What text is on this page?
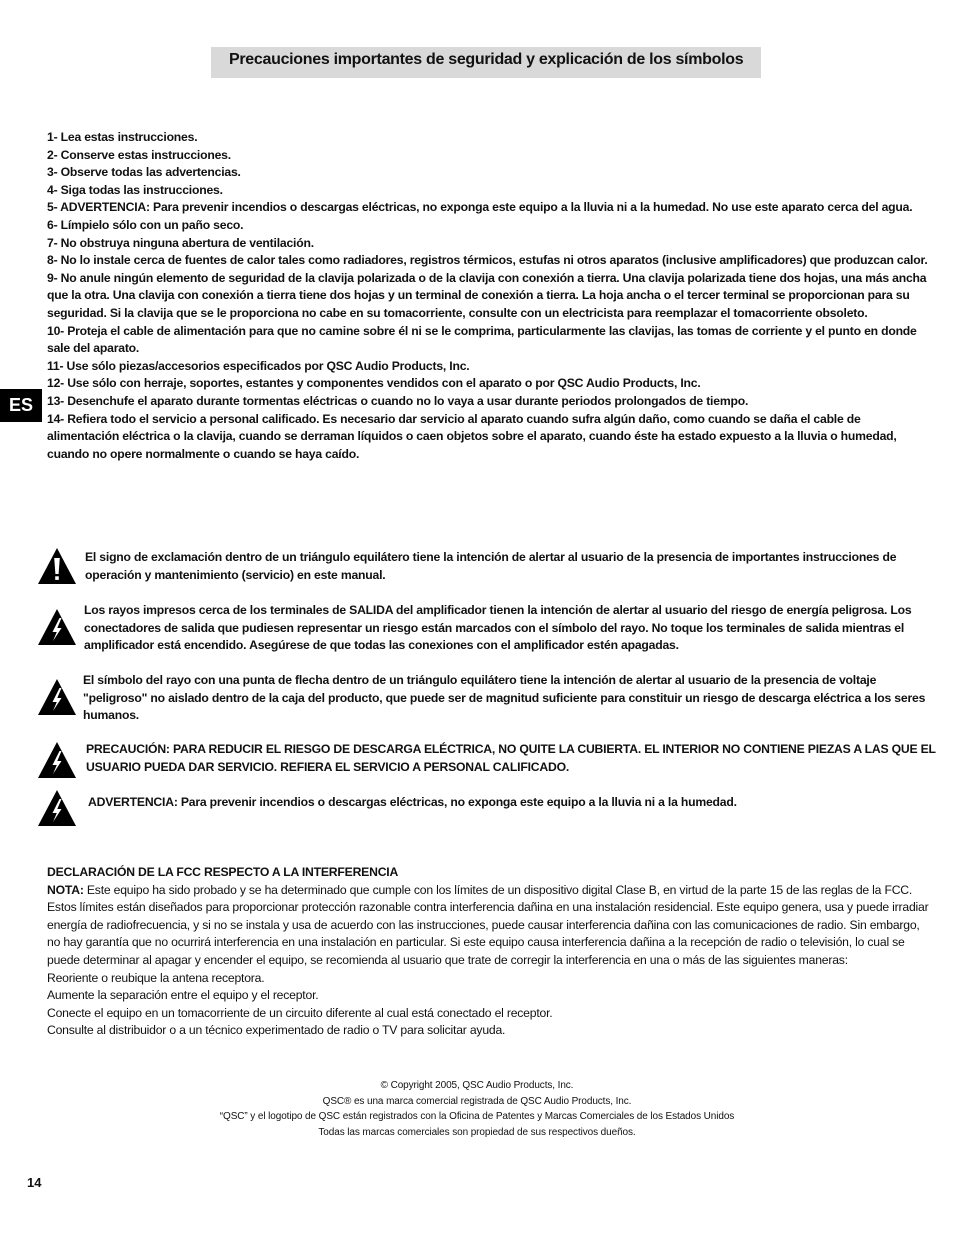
Precauciones importantes de seguridad y explicación de los símbolos
ES
1- Lea estas instrucciones.
2- Conserve estas instrucciones.
3- Observe todas las advertencias.
4- Siga todas las instrucciones.
5- ADVERTENCIA: Para prevenir incendios o descargas eléctricas, no exponga este equipo a la lluvia ni a la humedad. No use este aparato cerca del agua.
6- Límpielo sólo con un paño seco.
7- No obstruya ninguna abertura de ventilación.
8- No lo instale cerca de fuentes de calor tales como radiadores, registros térmicos, estufas ni otros aparatos (inclusive amplificadores) que produzcan calor.
9- No anule ningún elemento de seguridad de la clavija polarizada o de la clavija con conexión a tierra. Una clavija polarizada tiene dos hojas, una más ancha que la otra. Una clavija con conexión a tierra tiene dos hojas y un terminal de conexión a tierra. La hoja ancha o el tercer terminal se proporcionan para su seguridad. Si la clavija que se le proporciona no cabe en su tomacorriente, consulte con un electricista para reemplazar el tomacorriente obsoleto.
10- Proteja el cable de alimentación para que no camine sobre él ni se le comprima, particularmente las clavijas, las tomas de corriente y el punto en donde sale del aparato.
11- Use sólo piezas/accesorios especificados por QSC Audio Products, Inc.
12- Use sólo con herraje, soportes, estantes y componentes vendidos con el aparato o por QSC Audio Products, Inc.
13- Desenchufe el aparato durante tormentas eléctricas o cuando no lo vaya a usar durante periodos prolongados de tiempo.
14- Refiera todo el servicio a personal calificado. Es necesario dar servicio al aparato cuando sufra algún daño, como cuando se daña el cable de alimentación eléctrica o la clavija, cuando se derraman líquidos o caen objetos sobre el aparato, cuando éste ha estado expuesto a la lluvia o humedad, cuando no opere normalmente o cuando se haya caído.
El signo de exclamación dentro de un triángulo equilátero tiene la intención de alertar al usuario de la presencia de importantes instrucciones de operación y mantenimiento (servicio) en este manual.
Los rayos impresos cerca de los terminales de SALIDA del amplificador tienen la intención de alertar al usuario del riesgo de energía peligrosa. Los conectadores de salida que pudiesen representar un riesgo están marcados con el símbolo del rayo. No toque los terminales de salida mientras el amplificador está encendido. Asegúrese de que todas las conexiones con el amplificador estén apagadas.
El símbolo del rayo con una punta de flecha dentro de un triángulo equilátero tiene la intención de alertar al usuario de la presencia de voltaje "peligroso" no aislado dentro de la caja del producto, que puede ser de magnitud suficiente para constituir un riesgo de descarga eléctrica a los seres humanos.
PRECAUCIÓN: PARA REDUCIR EL RIESGO DE DESCARGA ELÉCTRICA, NO QUITE LA CUBIERTA. EL INTERIOR NO CONTIENE PIEZAS A LAS QUE EL USUARIO PUEDA DAR SERVICIO. REFIERA EL SERVICIO A PERSONAL CALIFICADO.
ADVERTENCIA: Para prevenir incendios o descargas eléctricas, no exponga este equipo a la lluvia ni a la humedad.

DECLARACIÓN DE LA FCC RESPECTO A LA INTERFERENCIA

NOTA: Este equipo ha sido probado y se ha determinado que cumple con los límites de un dispositivo digital Clase B, en virtud de la parte 15 de las reglas de la FCC. Estos límites están diseñados para proporcionar protección razonable contra interferencia dañina en una instalación residencial. Este equipo genera, usa y puede irradiar energía de radiofrecuencia, y si no se instala y usa de acuerdo con las instrucciones, puede causar interferencia dañina con las comunicaciones de radio. Sin embargo, no hay garantía que no ocurrirá interferencia en una instalación en particular. Si este equipo causa interferencia dañina a la recepción de radio o televisión, lo cual se puede determinar al apagar y encender el equipo, se recomienda al usuario que trate de corregir la interferencia en una o más de las siguientes maneras:

Reoriente o reubique la antena receptora.

Aumente la separación entre el equipo y el receptor.

Conecte el equipo en un tomacorriente de un circuito diferente al cual está conectado el receptor.

Consulte al distribuidor o a un técnico experimentado de radio o TV para solicitar ayuda.

© Copyright 2005, QSC Audio Products, Inc.
QSC® es una marca comercial registrada de QSC Audio Products, Inc.
“QSC” y el logotipo de QSC están registrados con la Oficina de Patentes y Marcas Comerciales de los Estados Unidos
Todas las marcas comerciales son propiedad de sus respectivos dueños.
14
